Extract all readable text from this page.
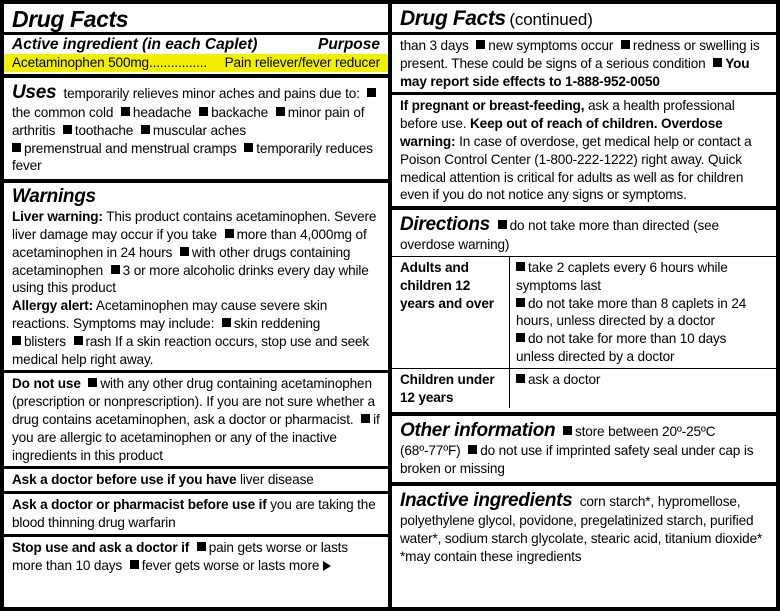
Drug Facts
Active ingredient (in each Caplet)	Purpose
Acetaminophen 500mg................ Pain reliever/fever reducer
Uses temporarily relieves minor aches and pains due to: the common cold headache backache minor pain of arthritis toothache muscular aches
premenstrual and menstrual cramps temporarily reduces fever
Warnings
Liver warning: This product contains acetaminophen. Severe liver damage may occur if you take more than 4,000mg of acetaminophen in 24 hours with other drugs containing acetaminophen 3 or more alcoholic drinks every day while using this product
Allergy alert: Acetaminophen may cause severe skin reactions. Symptoms may include: skin reddening
blisters rash If a skin reaction occurs, stop use and seek medical help right away.
Do not use with any other drug containing acetaminophen (prescription or nonprescription). If you are not sure whether a drug contains acetaminophen, ask a doctor or pharmacist. if you are allergic to acetaminophen or any of the inactive ingredients in this product
Ask a doctor before use if you have liver disease
Ask a doctor or pharmacist before use if you are taking the blood thinning drug warfarin
Stop use and ask a doctor if pain gets worse or lasts more than 10 days fever gets worse or lasts more
Drug Facts (continued)
than 3 days new symptoms occur redness or swelling is present. These could be signs of a serious condition You may report side effects to 1-888-952-0050
If pregnant or breast-feeding, ask a health professional before use. Keep out of reach of children. Overdose warning: In case of overdose, get medical help or contact a Poison Control Center (1-800-222-1222) right away. Quick medical attention is critical for adults as well as for children even if you do not notice any signs or symptoms.
Directions do not take more than directed (see overdose warning)
Adults and children 12 years and over
take 2 caplets every 6 hours while symptoms last
do not take more than 8 caplets in 24 hours, unless directed by a doctor
do not take for more than 10 days unless directed by a doctor
Children under 12 years
ask a doctor
Other information store between 20º-25ºC (68º-77ºF) do not use if imprinted safety seal under cap is broken or missing
Inactive ingredients corn starch*, hypromellose, polyethylene glycol, povidone, pregelatinized starch, purified water*, sodium starch glycolate, stearic acid, titanium dioxide*
*may contain these ingredients
